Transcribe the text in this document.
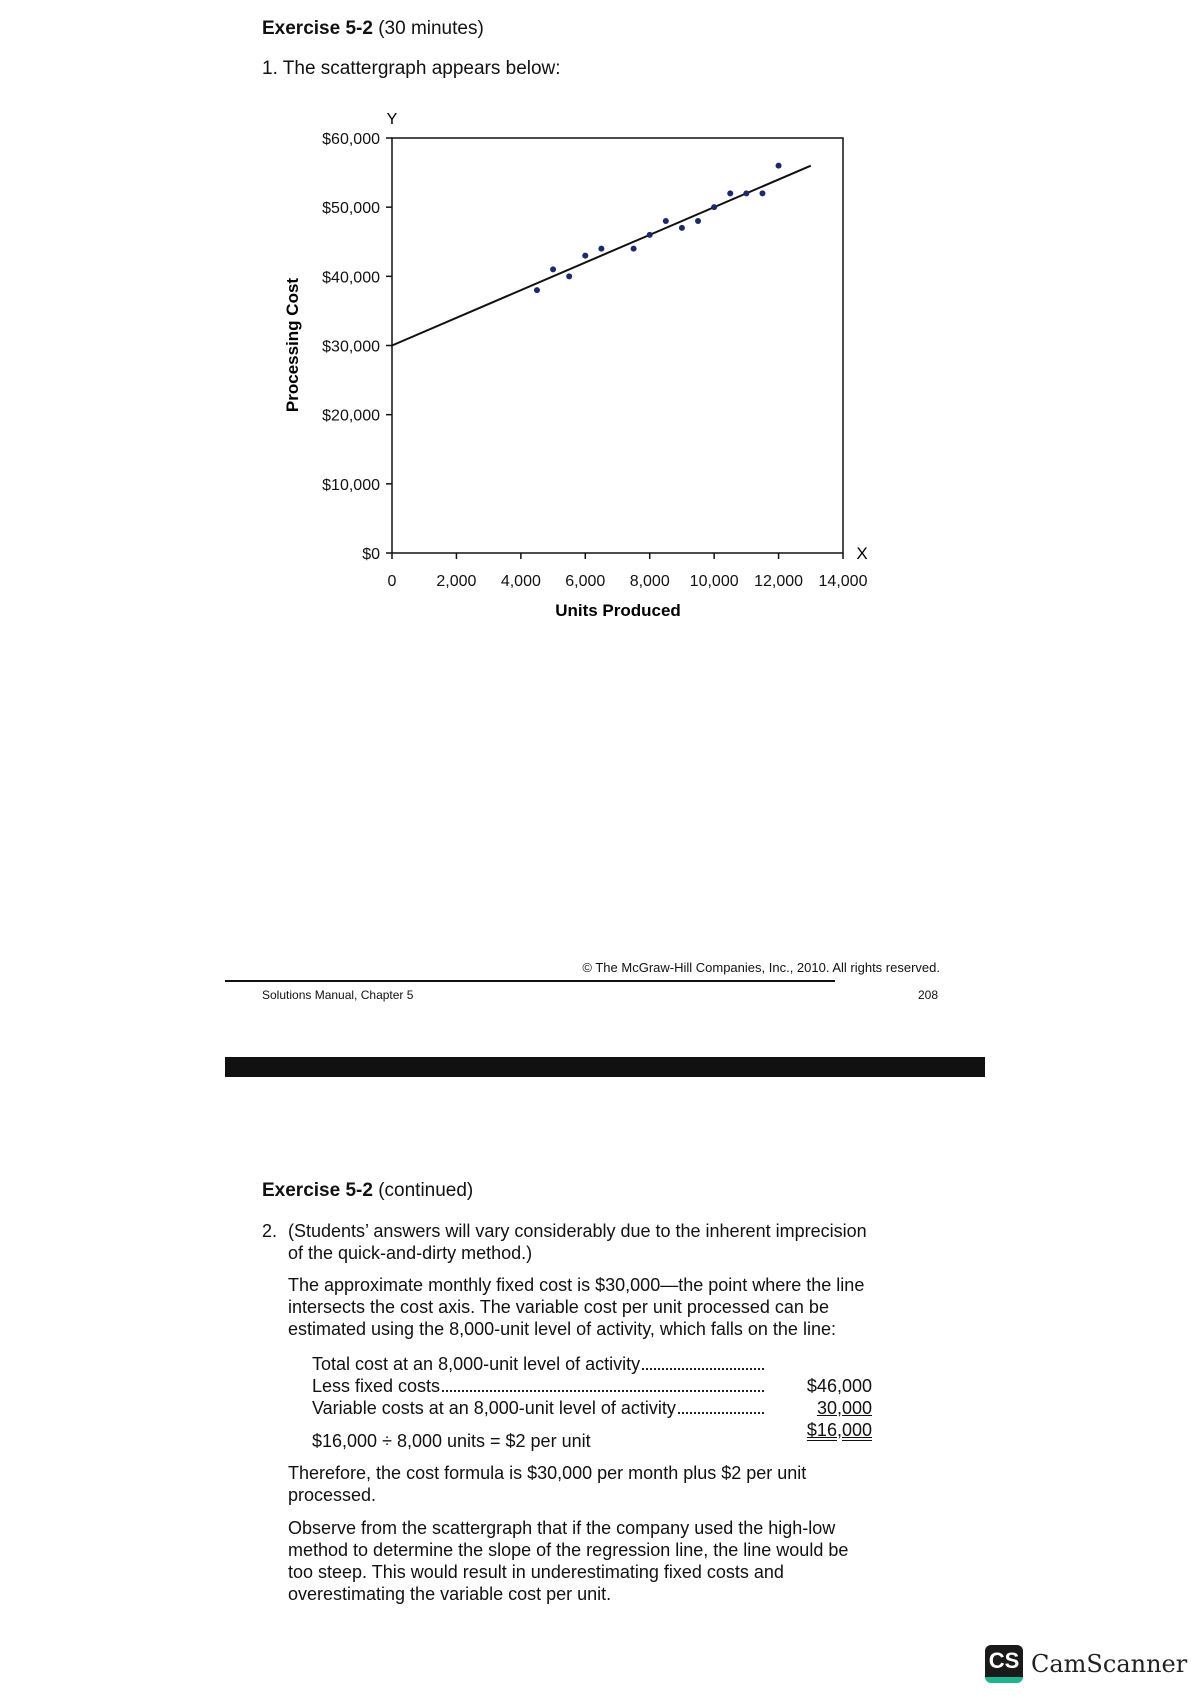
Exercise 5-2 (30 minutes)
1. The scattergraph appears below:
$0
$10,000
$20,000
$30,000
$40,000
$50,000
$60,000
0 2,000 4,000 6,000 8,000 10,000 12,000 14,000
Y
X
Units Produced
Processing Cost
© The McGraw-Hill Companies, Inc., 2010. All rights reserved.
Solutions Manual, Chapter 5	208
Exercise 5-2 (continued)
2. (Students’ answers will vary considerably due to the inherent imprecision
of the quick-and-dirty method.)
The approximate monthly fixed cost is $30,000—the point where the line
intersects the cost axis. The variable cost per unit processed can be
estimated using the 8,000-unit level of activity, which falls on the line:
Total cost at an 8,000-unit level of activity
$46,000
Less fixed costs
30,000
Variable costs at an 8,000-unit level of activity
$16,000
$16,000 ÷ 8,000 units = $2 per unit
Therefore, the cost formula is $30,000 per month plus $2 per unit
processed.
Observe from the scattergraph that if the company used the high-low
method to determine the slope of the regression line, the line would be
too steep. This would result in underestimating fixed costs and
overestimating the variable cost per unit.
CS CamScanner
